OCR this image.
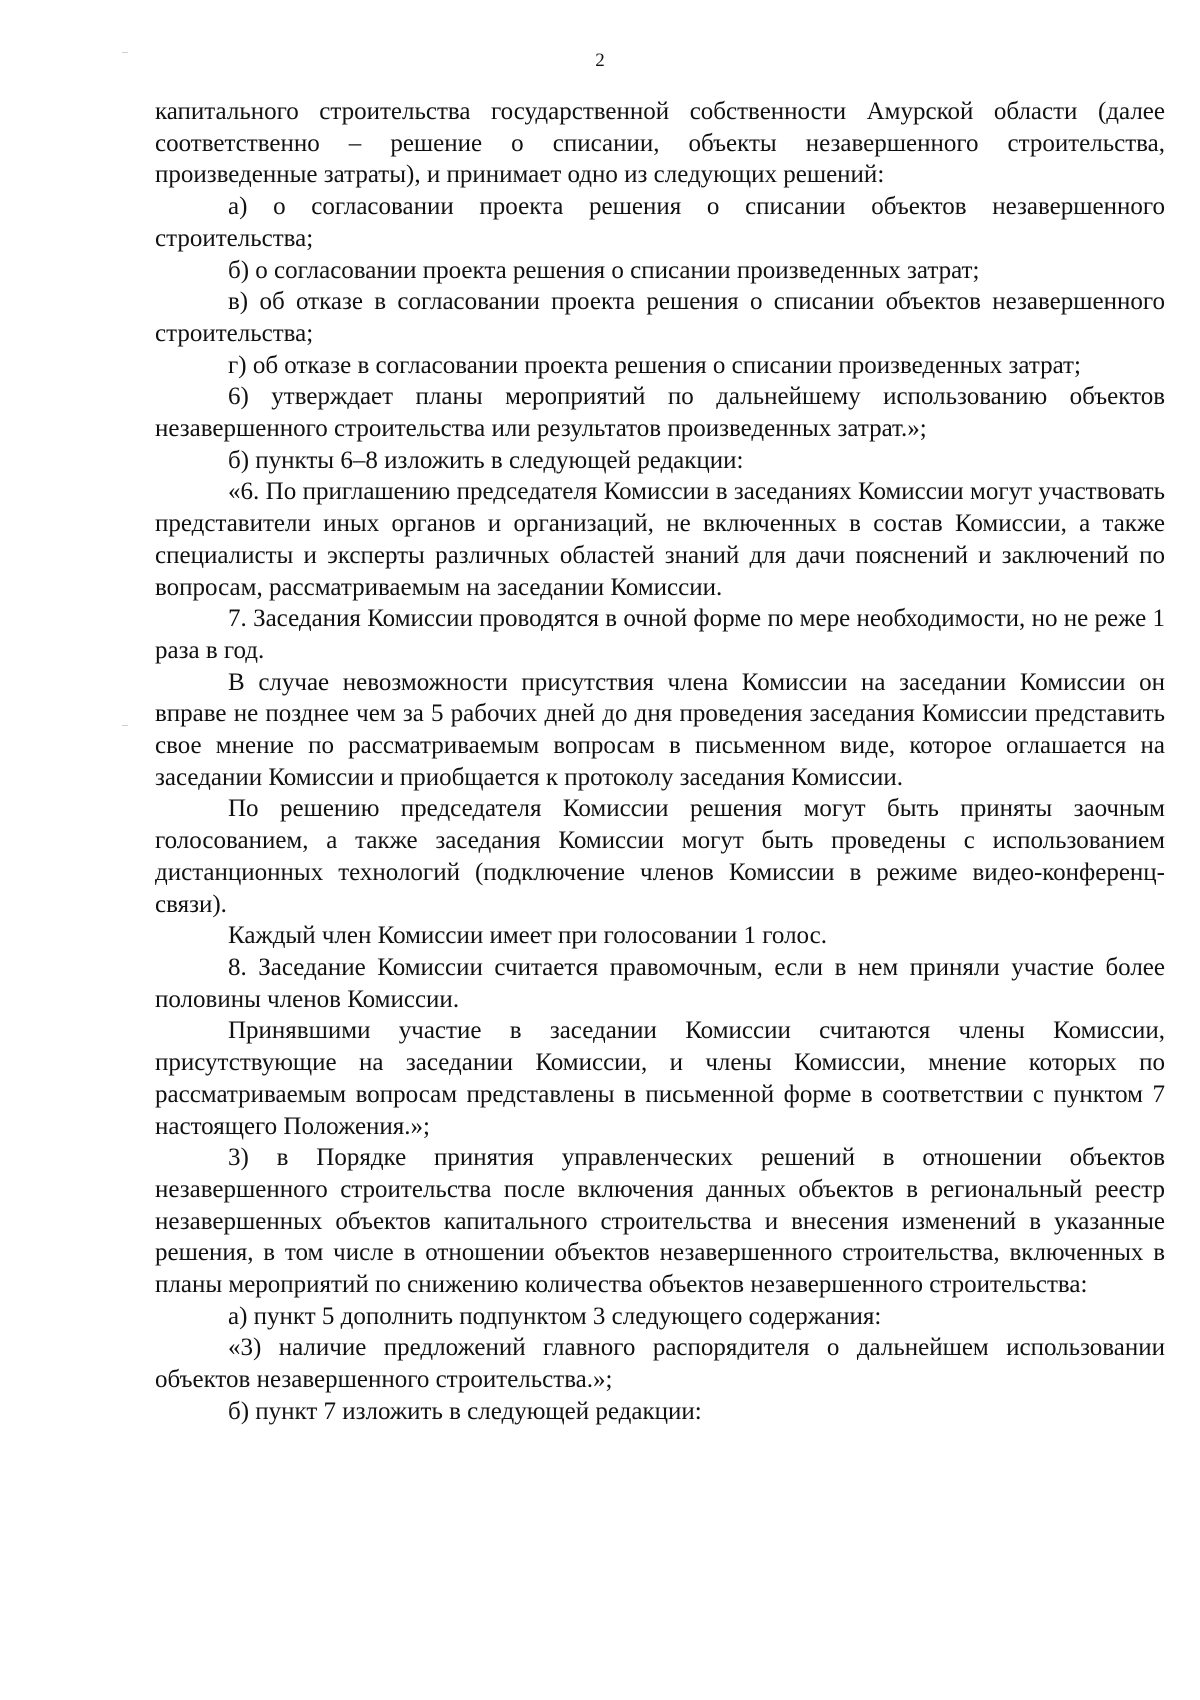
2

капитального строительства государственной собственности Амурской области (далее соответственно – решение о списании, объекты незавершенного строительства, произведенные затраты), и принимает одно из следующих решений:

а) о согласовании проекта решения о списании объектов незавершенного строительства;

б) о согласовании проекта решения о списании произведенных затрат;

в) об отказе в согласовании проекта решения о списании объектов незавершенного строительства;

г) об отказе в согласовании проекта решения о списании произведенных затрат;

6) утверждает планы мероприятий по дальнейшему использованию объектов незавершенного строительства или результатов произведенных затрат.»;

б) пункты 6–8 изложить в следующей редакции:

«6. По приглашению председателя Комиссии в заседаниях Комиссии могут участвовать представители иных органов и организаций, не включенных в состав Комиссии, а также специалисты и эксперты различных областей знаний для дачи пояснений и заключений по вопросам, рассматриваемым на заседании Комиссии.

7. Заседания Комиссии проводятся в очной форме по мере необходимости, но не реже 1 раза в год.

В случае невозможности присутствия члена Комиссии на заседании Комиссии он вправе не позднее чем за 5 рабочих дней до дня проведения заседания Комиссии представить свое мнение по рассматриваемым вопросам в письменном виде, которое оглашается на заседании Комиссии и приобщается к протоколу заседания Комиссии.

По решению председателя Комиссии решения могут быть приняты заочным голосованием, а также заседания Комиссии могут быть проведены с использованием дистанционных технологий (подключение членов Комиссии в режиме видео-конференц-связи).

Каждый член Комиссии имеет при голосовании 1 голос.

8. Заседание Комиссии считается правомочным, если в нем приняли участие более половины членов Комиссии.

Принявшими участие в заседании Комиссии считаются члены Комиссии, присутствующие на заседании Комиссии, и члены Комиссии, мнение которых по рассматриваемым вопросам представлены в письменной форме в соответствии с пунктом 7 настоящего Положения.»;

3) в Порядке принятия управленческих решений в отношении объектов незавершенного строительства после включения данных объектов в региональный реестр незавершенных объектов капитального строительства и внесения изменений в указанные решения, в том числе в отношении объектов незавершенного строительства, включенных в планы мероприятий по снижению количества объектов незавершенного строительства:

а) пункт 5 дополнить подпунктом 3 следующего содержания:

«3) наличие предложений главного распорядителя о дальнейшем использовании объектов незавершенного строительства.»;

б) пункт 7 изложить в следующей редакции:
